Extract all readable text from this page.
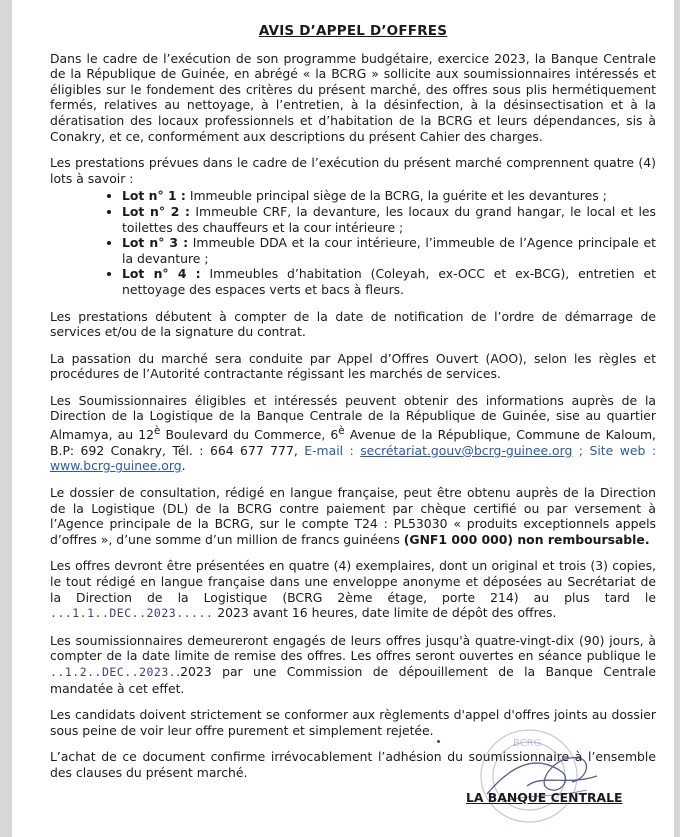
AVIS D’APPEL D’OFFRES

Dans le cadre de l’exécution de son programme budgétaire, exercice 2023, la Banque Centrale de la République de Guinée, en abrégé « la BCRG » sollicite aux soumissionnaires intéressés et éligibles sur le fondement des critères du présent marché, des offres sous plis hermétiquement fermés, relatives au nettoyage, à l’entretien, à la désinfection, à la désinsectisation et à la dératisation des locaux professionnels et d’habitation de la BCRG et leurs dépendances, sis à Conakry, et ce, conformément aux descriptions du présent Cahier des charges.

Les prestations prévues dans le cadre de l’exécution du présent marché comprennent quatre (4) lots à savoir :

• Lot n° 1 : Immeuble principal siège de la BCRG, la guérite et les devantures ;
• Lot n° 2 : Immeuble CRF, la devanture, les locaux du grand hangar, le local et les toilettes des chauffeurs et la cour intérieure ;
• Lot n° 3 : Immeuble DDA et la cour intérieure, l’immeuble de l’Agence principale et la devanture ;
• Lot n° 4 : Immeubles d’habitation (Coleyah, ex-OCC et ex-BCG), entretien et nettoyage des espaces verts et bacs à fleurs.

Les prestations débutent à compter de la date de notification de l’ordre de démarrage de services et/ou de la signature du contrat.

La passation du marché sera conduite par Appel d’Offres Ouvert (AOO), selon les règles et procédures de l’Autorité contractante régissant les marchés de services.

Les Soumissionnaires éligibles et intéressés peuvent obtenir des informations auprès de la Direction de la Logistique de la Banque Centrale de la République de Guinée, sise au quartier Almamya, au $12^è$ Boulevard du Commerce, $6^è$ Avenue de la République, Commune de Kaloum, B.P: 692 Conakry, Tél. : 664 677 777, E-mail : secrétariat.gouv@bcrg-guinee.org ; Site web : www.bcrg-guinee.org.

Le dossier de consultation, rédigé en langue française, peut être obtenu auprès de la Direction de la Logistique (DL) de la BCRG contre paiement par chèque certifié ou par versement à l’Agence principale de la BCRG, sur le compte T24 : PL53030 « produits exceptionnels appels d’offres », d’une somme d’un million de francs guinéens (GNF1 000 000) non remboursable.

Les offres devront être présentées en quatre (4) exemplaires, dont un original et trois (3) copies, le tout rédigé en langue française dans une enveloppe anonyme et déposées au Secrétariat de la Direction de la Logistique (BCRG 2ème étage, porte 214) au plus tard le ...1.1..DEC..2023..... 2023 avant 16 heures, date limite de dépôt des offres.

Les soumissionnaires demeureront engagés de leurs offres jusqu'à quatre-vingt-dix (90) jours, à compter de la date limite de remise des offres. Les offres seront ouvertes en séance publique le ..1.2..DEC..2023..2023 par une Commission de dépouillement de la Banque Centrale mandatée à cet effet.

Les candidats doivent strictement se conformer aux règlements d'appel d'offres joints au dossier sous peine de voir leur offre purement et simplement rejetée.

L’achat de ce document confirme irrévocablement l’adhésion du soumissionnaire à l’ensemble des clauses du présent marché.

BCRG
LA BANQUE CENTRALE
